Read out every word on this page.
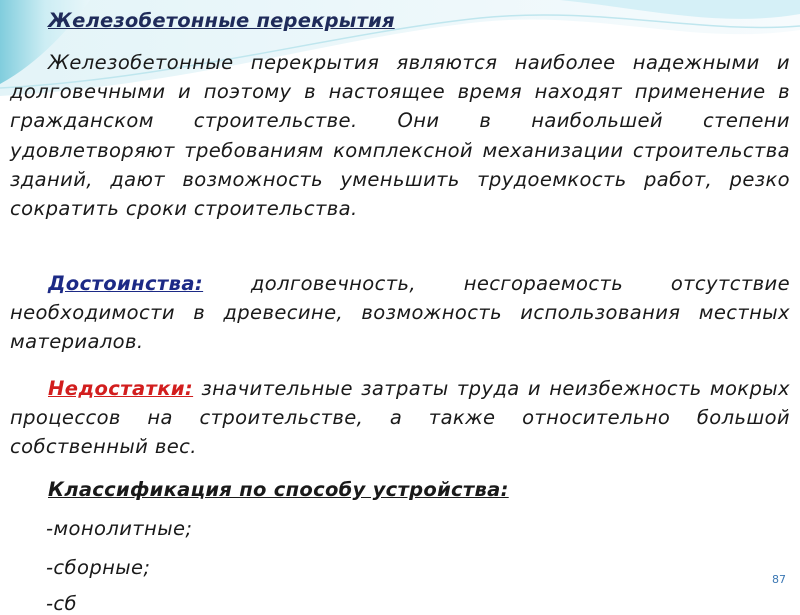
Железобетонные перекрытия
Железобетонные перекрытия являются наиболее надежными и долговечными и поэтому в настоящее время находят применение в гражданском строительстве. Они в наибольшей степени удовлетворяют требованиям комплексной механизации строительства зданий, дают возможность уменьшить трудоемкость работ, резко сократить сроки строительства.
Достоинства: долговечность, несгораемость отсутствие необходимости в древесине, возможность использования местных материалов.
Недостатки: значительные затраты труда и неизбежность мокрых процессов на строительстве, а также относительно большой собственный вес.
Классификация по способу устройства:
-монолитные;
-сборные;
-сб
87
